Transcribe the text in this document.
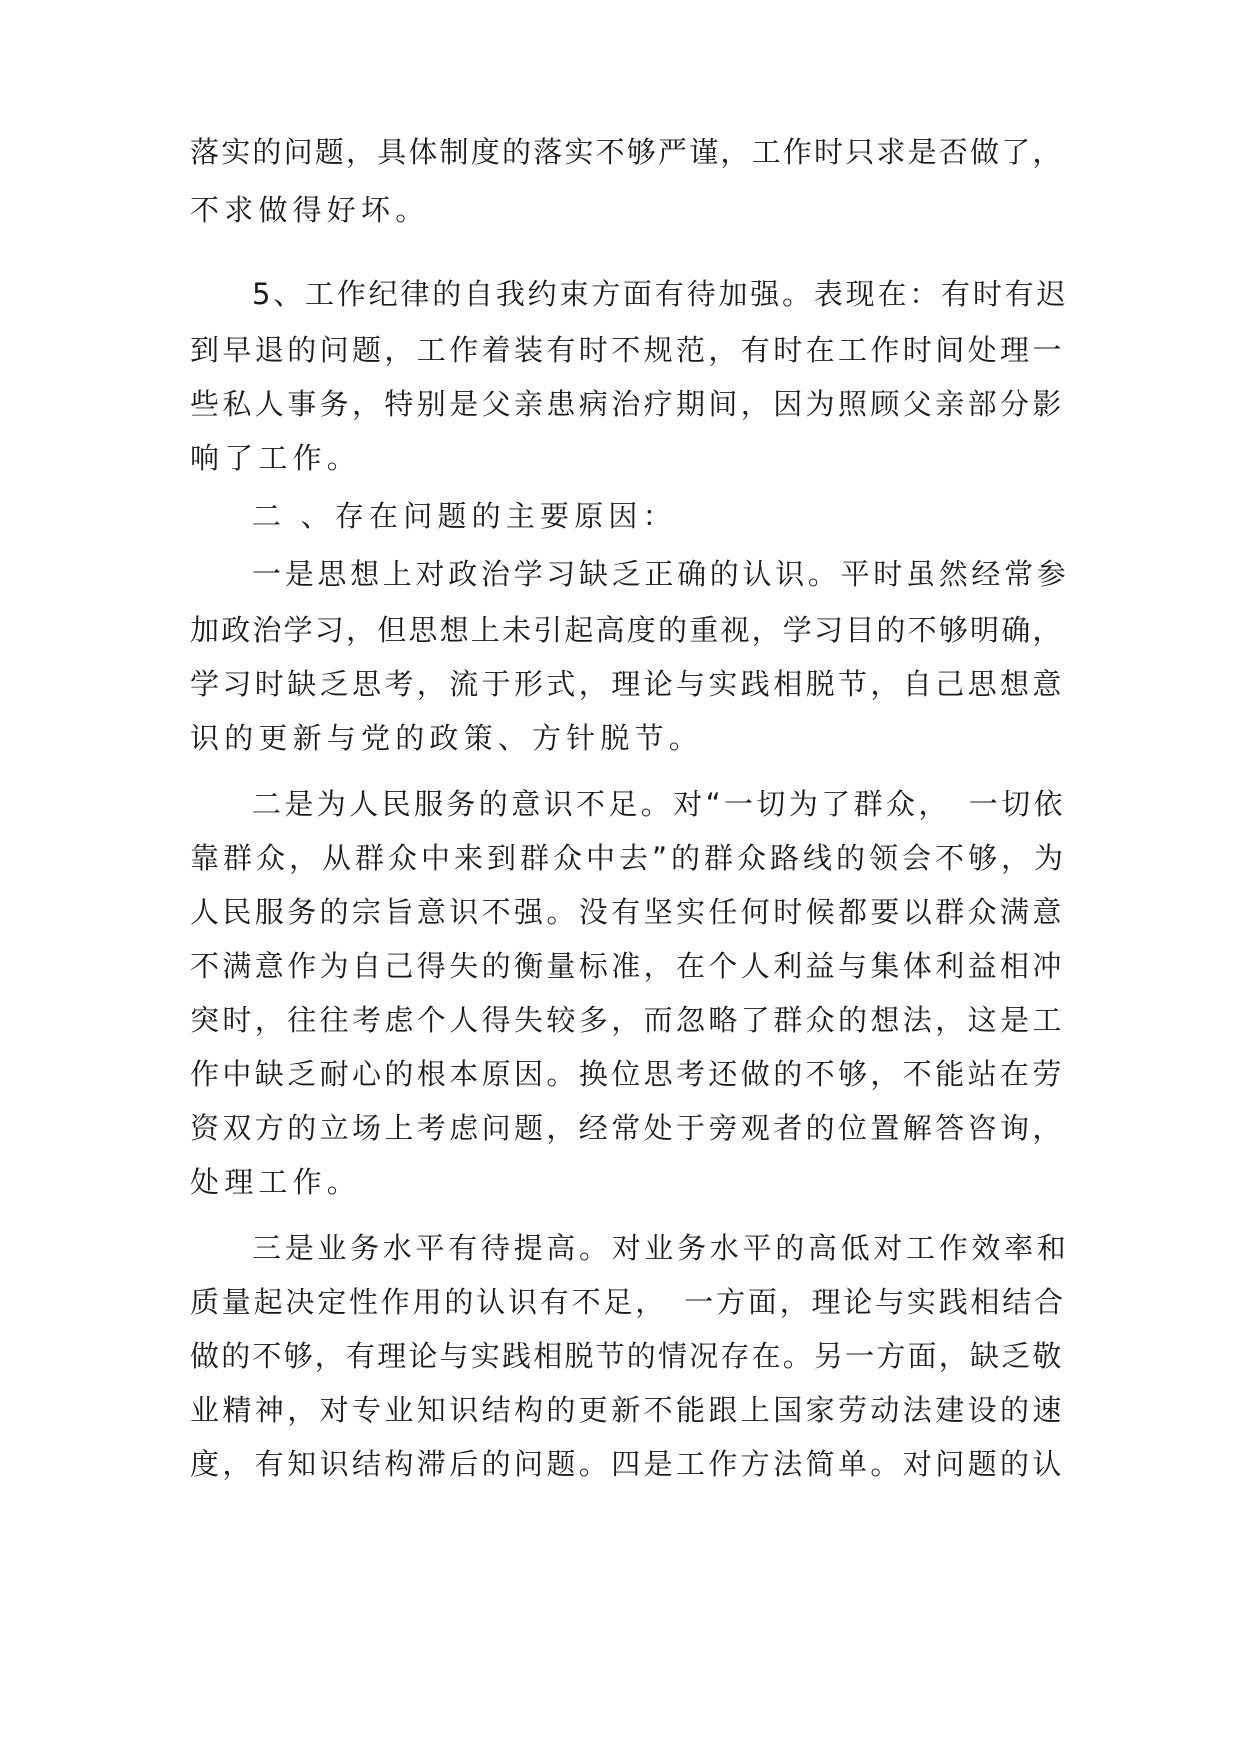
落实的问题，具体制度的落实不够严谨，工作时只求是否做了，

不求做得好坏。

5、工作纪律的自我约束方面有待加强。表现在：有时有迟

到早退的问题，工作着装有时不规范，有时在工作时间处理一

些私人事务，特别是父亲患病治疗期间，因为照顾父亲部分影

响了工作。

二 、存在问题的主要原因：

一是思想上对政治学习缺乏正确的认识。平时虽然经常参

加政治学习，但思想上未引起高度的重视，学习目的不够明确，

学习时缺乏思考，流于形式，理论与实践相脱节，自己思想意

识的更新与党的政策、方针脱节。

二是为人民服务的意识不足。对“一切为了群众，　一切依

靠群众，从群众中来到群众中去”的群众路线的领会不够，为

人民服务的宗旨意识不强。没有坚实任何时候都要以群众满意

不满意作为自己得失的衡量标准，在个人利益与集体利益相冲

突时，往往考虑个人得失较多，而忽略了群众的想法，这是工

作中缺乏耐心的根本原因。换位思考还做的不够，不能站在劳

资双方的立场上考虑问题，经常处于旁观者的位置解答咨询，

处理工作。

三是业务水平有待提高。对业务水平的高低对工作效率和

质量起决定性作用的认识有不足，　一方面，理论与实践相结合

做的不够，有理论与实践相脱节的情况存在。另一方面，缺乏敬

业精神，对专业知识结构的更新不能跟上国家劳动法建设的速

度，有知识结构滞后的问题。四是工作方法简单。对问题的认
